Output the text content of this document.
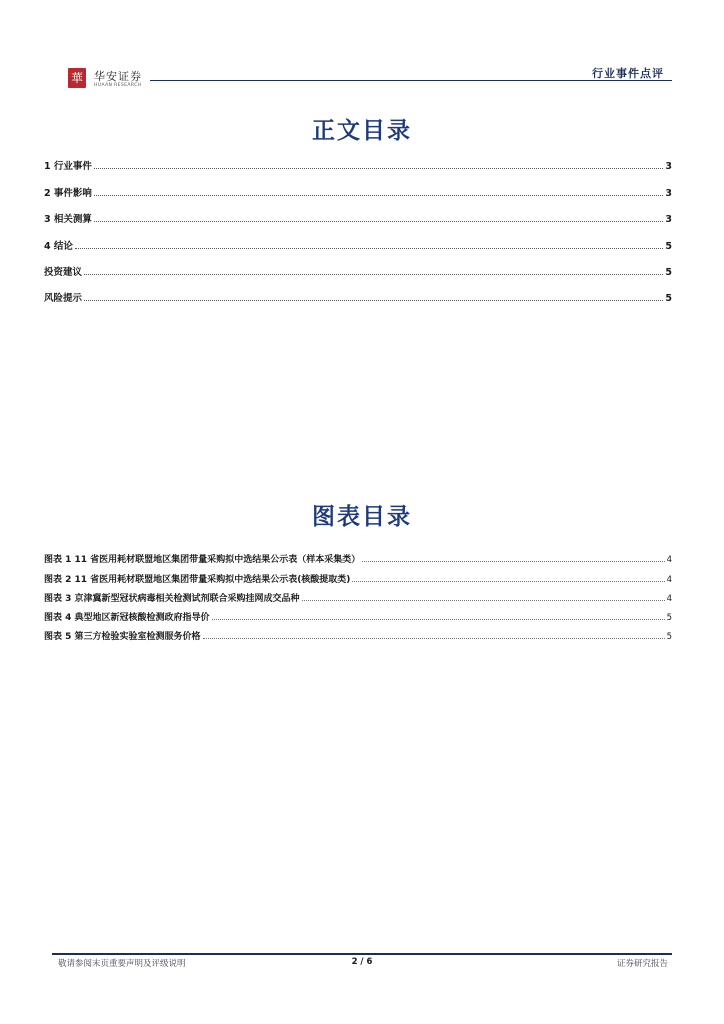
華 华安证券
HUAAN RESEARCH
行业事件点评
正文目录
1 行业事件	3
2 事件影响	3
3 相关测算	3
4 结论	5
投资建议	5
风险提示	5
图表目录
图表 1 11 省医用耗材联盟地区集团带量采购拟中选结果公示表（样本采集类）	4
图表 2 11 省医用耗材联盟地区集团带量采购拟中选结果公示表(核酸提取类)	4
图表 3 京津冀新型冠状病毒相关检测试剂联合采购挂网成交品种	4
图表 4 典型地区新冠核酸检测政府指导价	5
图表 5 第三方检验实验室检测服务价格	5
敬请参阅末页重要声明及评级说明	2 / 6	证券研究报告
